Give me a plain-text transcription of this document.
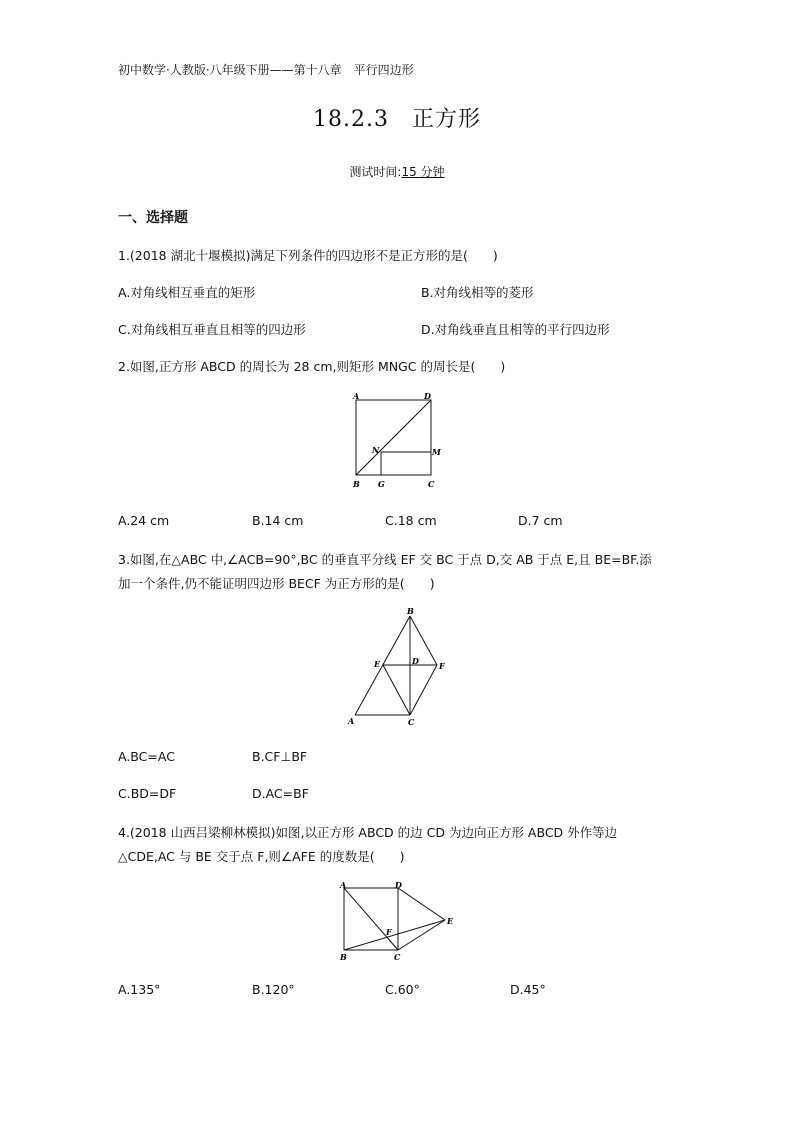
初中数学·人教版·八年级下册——第十八章　平行四边形
18.2.3　正方形
测试时间:15 分钟
一、选择题
1.(2018 湖北十堰模拟)满足下列条件的四边形不是正方形的是(　　)
A.对角线相互垂直的矩形	B.对角线相等的菱形
C.对角线相互垂直且相等的四边形	D.对角线垂直且相等的平行四边形
2.如图,正方形 ABCD 的周长为 28 cm,则矩形 MNGC 的周长是(　　)
A	D
N	M
B G	C
A.24 cm	B.14 cm	C.18 cm	D.7 cm
3.如图,在△ABC 中,∠ACB=90°,BC 的垂直平分线 EF 交 BC 于点 D,交 AB 于点 E,且 BE=BF.添
加一个条件,仍不能证明四边形 BECF 为正方形的是(　　)
B
E	D	F
A	C
A.BC=AC	B.CF⊥BF
C.BD=DF	D.AC=BF
4.(2018 山西吕梁柳林模拟)如图,以正方形 ABCD 的边 CD 为边向正方形 ABCD 外作等边
△CDE,AC 与 BE 交于点 F,则∠AFE 的度数是(　　)
A	D
E
F
B	C
A.135°	B.120°	C.60°	D.45°
